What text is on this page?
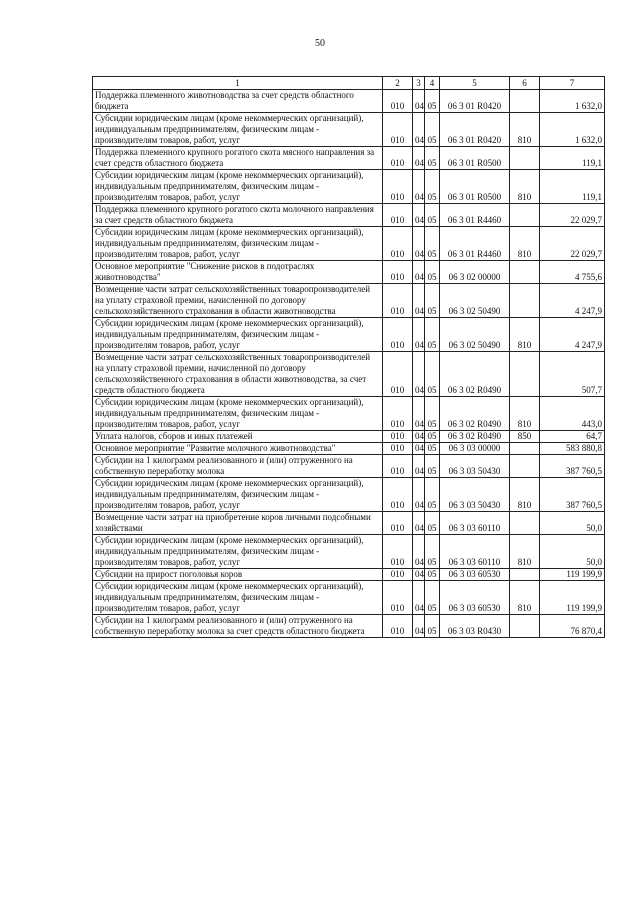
50
1	2	3	4	5	6	7
Поддержка племенного животноводства за счет средств областного бюджета	010	04	05	06 3 01 R0420		1 632,0
Субсидии юридическим лицам (кроме некоммерческих организаций), индивидуальным предпринимателям, физическим лицам - производителям товаров, работ, услуг	010	04	05	06 3 01 R0420	810	1 632,0
Поддержка племенного крупного рогатого скота мясного направления за счет средств областного бюджета	010	04	05	06 3 01 R0500		119,1
Субсидии юридическим лицам (кроме некоммерческих организаций), индивидуальным предпринимателям, физическим лицам - производителям товаров, работ, услуг	010	04	05	06 3 01 R0500	810	119,1
Поддержка племенного крупного рогатого скота молочного направления за счет средств областного бюджета	010	04	05	06 3 01 R4460		22 029,7
Субсидии юридическим лицам (кроме некоммерческих организаций), индивидуальным предпринимателям, физическим лицам - производителям товаров, работ, услуг	010	04	05	06 3 01 R4460	810	22 029,7
Основное мероприятие "Снижение рисков в подотраслях животноводства"	010	04	05	06 3 02 00000		4 755,6
Возмещение части затрат сельскохозяйственных товаропроизводителей на уплату страховой премии, начисленной по договору сельскохозяйственного страхования в области животноводства	010	04	05	06 3 02 50490		4 247,9
Субсидии юридическим лицам (кроме некоммерческих организаций), индивидуальным предпринимателям, физическим лицам - производителям товаров, работ, услуг	010	04	05	06 3 02 50490	810	4 247,9
Возмещение части затрат сельскохозяйственных товаропроизводителей на уплату страховой премии, начисленной по договору сельскохозяйственного страхования в области животноводства, за счет средств областного бюджета	010	04	05	06 3 02 R0490		507,7
Субсидии юридическим лицам (кроме некоммерческих организаций), индивидуальным предпринимателям, физическим лицам - производителям товаров, работ, услуг	010	04	05	06 3 02 R0490	810	443,0
Уплата налогов, сборов и иных платежей	010	04	05	06 3 02 R0490	850	64,7
Основное мероприятие "Развитие молочного животноводства"	010	04	05	06 3 03 00000		583 880,8
Субсидии на 1 килограмм реализованного и (или) отгруженного на собственную переработку молока	010	04	05	06 3 03 50430		387 760,5
Субсидии юридическим лицам (кроме некоммерческих организаций), индивидуальным предпринимателям, физическим лицам - производителям товаров, работ, услуг	010	04	05	06 3 03 50430	810	387 760,5
Возмещение части затрат на приобретение коров личными подсобными хозяйствами	010	04	05	06 3 03 60110		50,0
Субсидии юридическим лицам (кроме некоммерческих организаций), индивидуальным предпринимателям, физическим лицам - производителям товаров, работ, услуг	010	04	05	06 3 03 60110	810	50,0
Субсидии на прирост поголовья коров	010	04	05	06 3 03 60530		119 199,9
Субсидии юридическим лицам (кроме некоммерческих организаций), индивидуальным предпринимателям, физическим лицам - производителям товаров, работ, услуг	010	04	05	06 3 03 60530	810	119 199,9
Субсидии на 1 килограмм реализованного и (или) отгруженного на собственную переработку молока за счет средств областного бюджета	010	04	05	06 3 03 R0430		76 870,4
